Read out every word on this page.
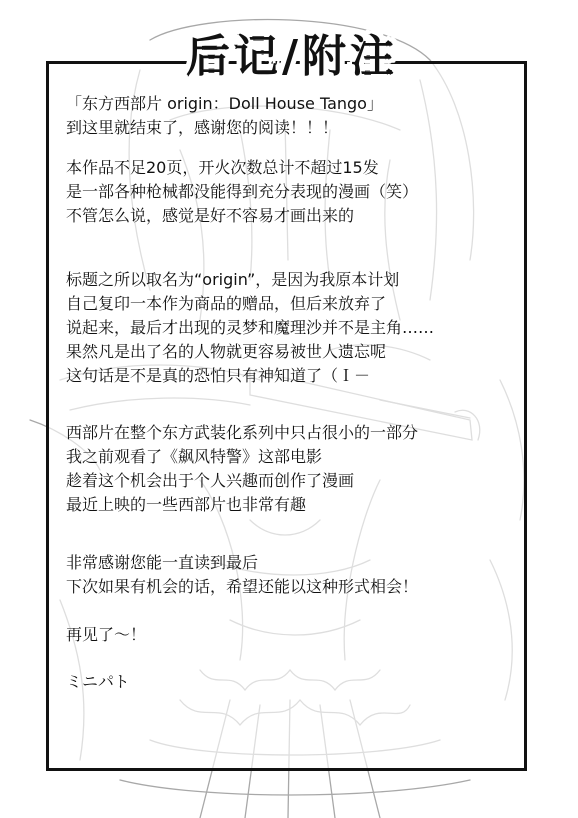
后记/附注
「东方西部片 origin：Doll House Tango」
到这里就结束了，感谢您的阅读！！！
本作品不足20页，开火次数总计不超过15发
是一部各种枪械都没能得到充分表现的漫画（笑）
不管怎么说，感觉是好不容易才画出来的
标题之所以取名为“origin”，是因为我原本计划
自己复印一本作为商品的赠品，但后来放弃了
说起来，最后才出现的灵梦和魔理沙并不是主角……
果然凡是出了名的人物就更容易被世人遗忘呢
这句话是不是真的恐怕只有神知道了（Ｉ－
西部片在整个东方武装化系列中只占很小的一部分
我之前观看了《飙风特警》这部电影
趁着这个机会出于个人兴趣而创作了漫画
最近上映的一些西部片也非常有趣
非常感谢您能一直读到最后
下次如果有机会的话，希望还能以这种形式相会！
再见了～！
ミニパト
